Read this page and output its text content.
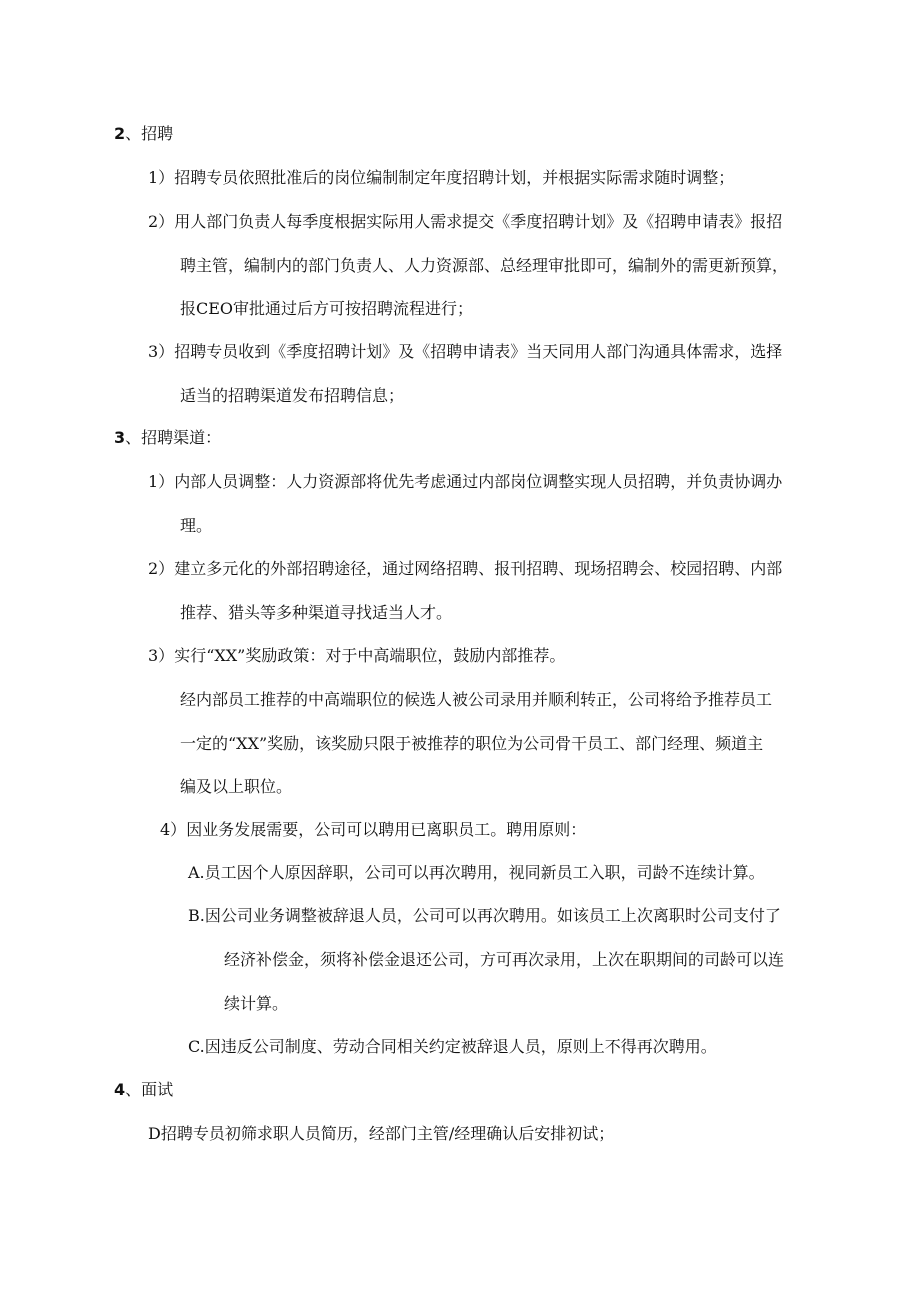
2、招聘
1）招聘专员依照批准后的岗位编制制定年度招聘计划，并根据实际需求随时调整；
2）用人部门负责人每季度根据实际用人需求提交《季度招聘计划》及《招聘申请表》报招
聘主管，编制内的部门负责人、人力资源部、总经理审批即可，编制外的需更新预算，
报CEO审批通过后方可按招聘流程进行；
3）招聘专员收到《季度招聘计划》及《招聘申请表》当天同用人部门沟通具体需求，选择
适当的招聘渠道发布招聘信息；
3、招聘渠道：
1）内部人员调整：人力资源部将优先考虑通过内部岗位调整实现人员招聘，并负责协调办
理。
2）建立多元化的外部招聘途径，通过网络招聘、报刊招聘、现场招聘会、校园招聘、内部
推荐、猎头等多种渠道寻找适当人才。
3）实行“XX”奖励政策：对于中高端职位，鼓励内部推荐。
经内部员工推荐的中高端职位的候选人被公司录用并顺利转正，公司将给予推荐员工
一定的“XX”奖励，该奖励只限于被推荐的职位为公司骨干员工、部门经理、频道主
编及以上职位。
4）因业务发展需要，公司可以聘用已离职员工。聘用原则：
A.员工因个人原因辞职，公司可以再次聘用，视同新员工入职，司龄不连续计算。
B.因公司业务调整被辞退人员，公司可以再次聘用。如该员工上次离职时公司支付了
经济补偿金，须将补偿金退还公司，方可再次录用，上次在职期间的司龄可以连
续计算。
C.因违反公司制度、劳动合同相关约定被辞退人员，原则上不得再次聘用。
4、面试
D招聘专员初筛求职人员简历，经部门主管/经理确认后安排初试；
